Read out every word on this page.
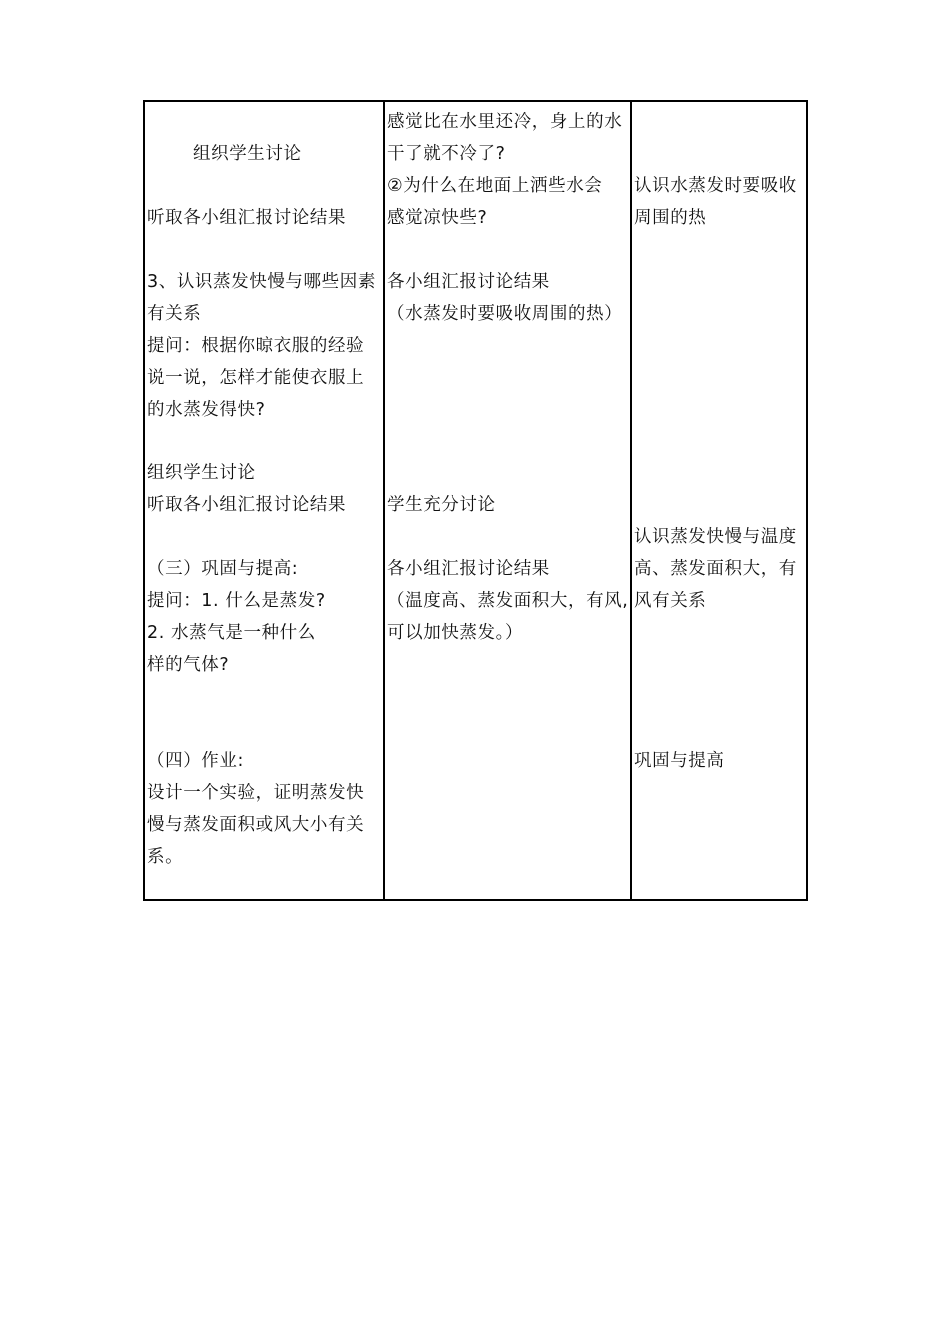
组织学生讨论
听取各小组汇报讨论结果
3、认识蒸发快慢与哪些因素
有关系
提问：根据你晾衣服的经验
说一说，怎样才能使衣服上
的水蒸发得快?
组织学生讨论
听取各小组汇报讨论结果
（三）巩固与提高:
提问：1. 什么是蒸发?
2. 水蒸气是一种什么
样的气体?
（四）作业:
设计一个实验，证明蒸发快
慢与蒸发面积或风大小有关
系。
感觉比在水里还冷，身上的水
干了就不冷了?
②为什么在地面上洒些水会
感觉凉快些?
各小组汇报讨论结果
（水蒸发时要吸收周围的热）
学生充分讨论
各小组汇报讨论结果
（温度高、蒸发面积大，有风,
可以加快蒸发。）
认识水蒸发时要吸收
周围的热
认识蒸发快慢与温度
高、蒸发面积大，有
风有关系
巩固与提高
